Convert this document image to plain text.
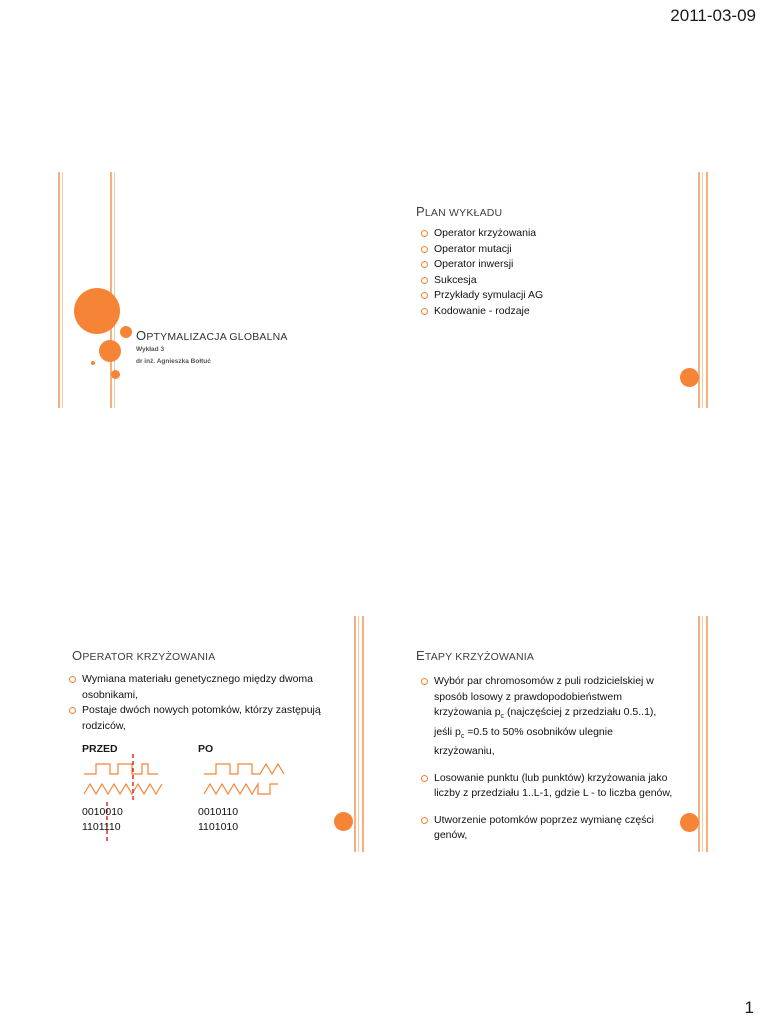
2011-03-09
OPTYMALIZACJA GLOBALNA
Wykład 3
dr inż. Agnieszka Bołtuć
PLAN WYKŁADU
Operator krzyżowania
Operator mutacji
Operator inwersji
Sukcesja
Przykłady symulacji AG
Kodowanie - rodzaje
OPERATOR KRZYŻOWANIA
Wymiana materiału genetycznego między dwoma osobnikami,
Postaje dwóch nowych potomków, którzy zastępują rodziców,
PRZED	PO
0010010
1101110
0010110
1101010
ETAPY KRZYŻOWANIA
Wybór par chromosomów z puli rodzicielskiej w sposób losowy z prawdopodobieństwem krzyżowania $p_c$ (najczęściej z przedziału 0.5..1), jeśli $p_c =0.5$ to 50% osobników ulegnie krzyżowaniu,
Losowanie punktu (lub punktów) krzyżowania jako liczby z przedziału 1..L-1, gdzie L - to liczba genów,
Utworzenie potomków poprzez wymianę części genów,
1
